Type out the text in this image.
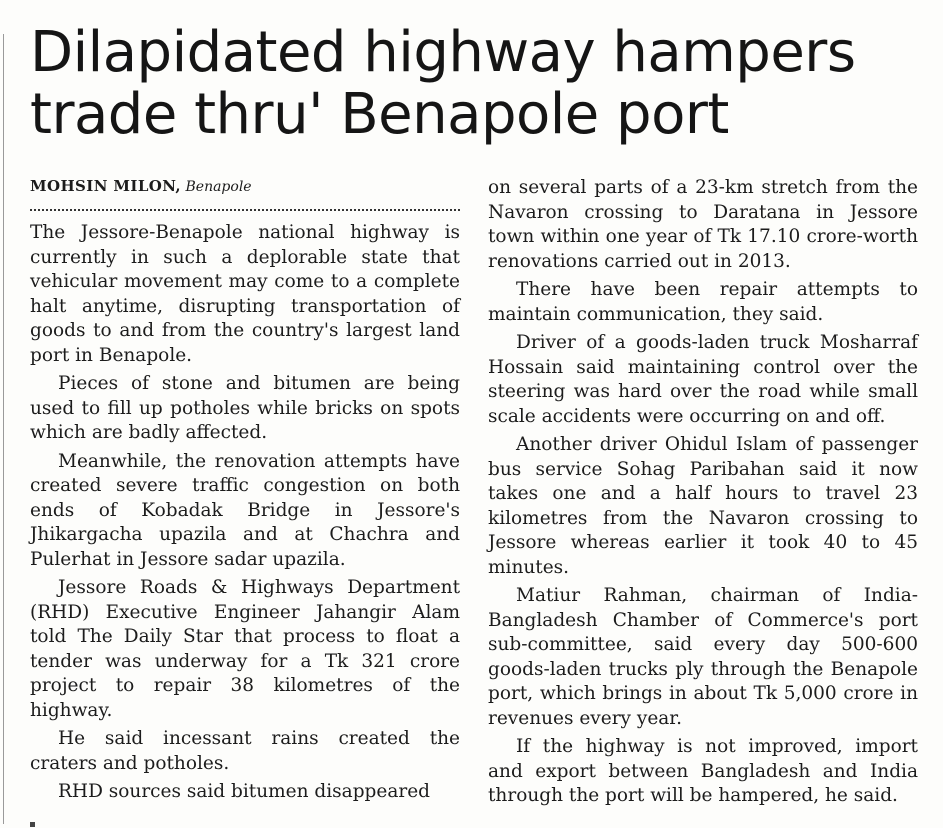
Dilapidated highway hampers trade thru' Benapole port

MOHSIN MILON, Benapole

The Jessore-Benapole national highway is currently in such a deplorable state that vehicular movement may come to a complete halt anytime, disrupting transportation of goods to and from the country's largest land port in Benapole.

Pieces of stone and bitumen are being used to fill up potholes while bricks on spots which are badly affected.

Meanwhile, the renovation attempts have created severe traffic congestion on both ends of Kobadak Bridge in Jessore's Jhikargacha upazila and at Chachra and Pulerhat in Jessore sadar upazila.

Jessore Roads & Highways Department (RHD) Executive Engineer Jahangir Alam told The Daily Star that process to float a tender was underway for a Tk 321 crore project to repair 38 kilometres of the highway.

He said incessant rains created the craters and potholes.

RHD sources said bitumen disappeared

on several parts of a 23-km stretch from the Navaron crossing to Daratana in Jessore town within one year of Tk 17.10 crore-worth renovations carried out in 2013.

There have been repair attempts to maintain communication, they said.

Driver of a goods-laden truck Mosharraf Hossain said maintaining control over the steering was hard over the road while small scale accidents were occurring on and off.

Another driver Ohidul Islam of passenger bus service Sohag Paribahan said it now takes one and a half hours to travel 23 kilometres from the Navaron crossing to Jessore whereas earlier it took 40 to 45 minutes.

Matiur Rahman, chairman of India-Bangladesh Chamber of Commerce's port sub-committee, said every day 500-600 goods-laden trucks ply through the Benapole port, which brings in about Tk 5,000 crore in revenues every year.

If the highway is not improved, import and export between Bangladesh and India through the port will be hampered, he said.
